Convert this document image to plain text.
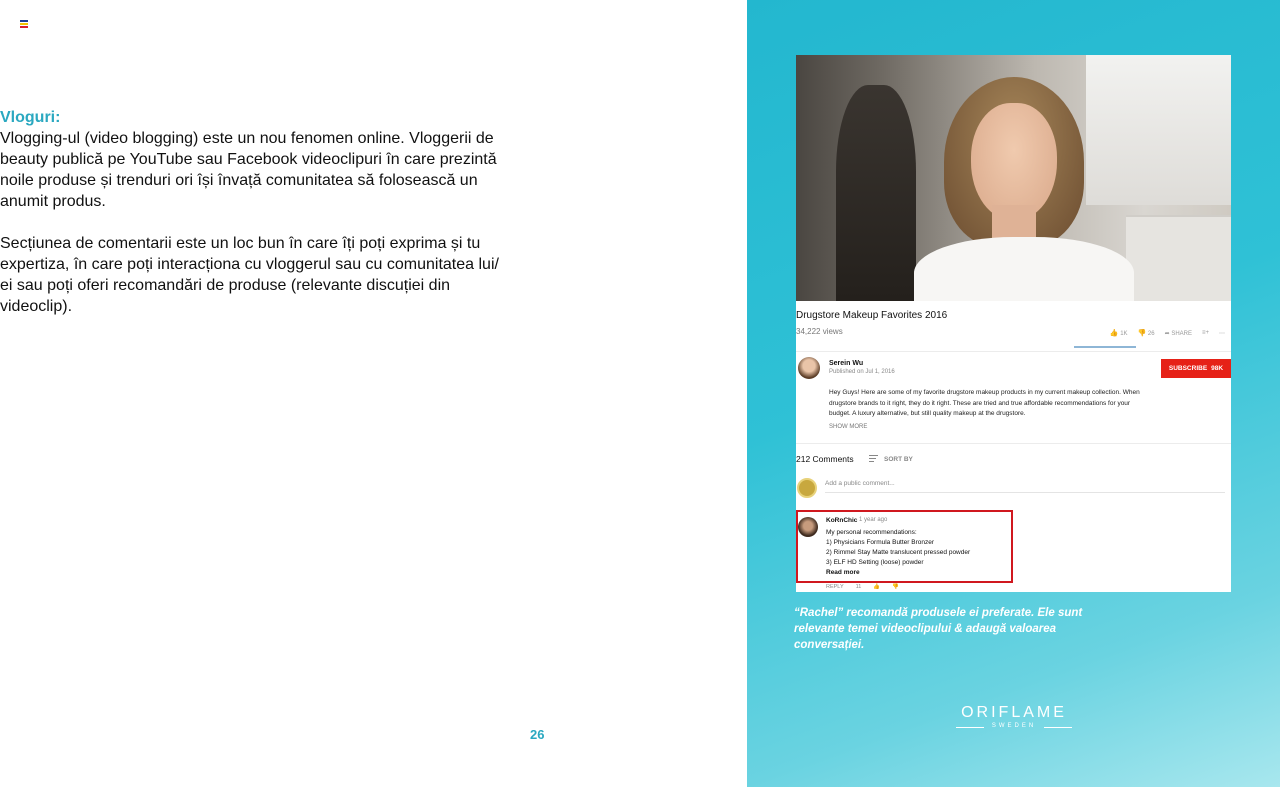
Vloguri:

Vlogging-ul (video blogging) este un nou fenomen online. Vloggerii de beauty publică pe YouTube sau Facebook videoclipuri în care prezintă noile produse și trenduri ori își învață comunitatea să folosească un anumit produs.

Secțiunea de comentarii este un loc bun în care îți poți exprima și tu expertiza, în care poți interacționa cu vloggerul sau cu comunitatea lui/ ei sau poți oferi recomandări de produse (relevante discuției din videoclip).

26
Drugstore Makeup Favorites 2016
34,222 views	👍 1K 👎 26 ➦ SHARE ≡+ ⋯
Serein Wu
Published on Jul 1, 2016	SUBSCRIBE 98K
Hey Guys! Here are some of my favorite drugstore makeup products in my current makeup collection. When drugstore brands to it right, they do it right. These are tried and true affordable recommendations for your budget. A luxury alternative, but still quality makeup at the drugstore.
SHOW MORE
212 Comments	SORT BY
Add a public comment...
KoRnChic 1 year ago
My personal recommendations:
1) Physicians Formula Butter Bronzer
2) Rimmel Stay Matte translucent pressed powder
3) ELF HD Setting (loose) powder
Read more
REPLY 11 👍 👎
“Rachel” recomandă produsele ei preferate. Ele sunt relevante temei videoclipului & adaugă valoarea conversației.
ORIFLAME
SWEDEN
